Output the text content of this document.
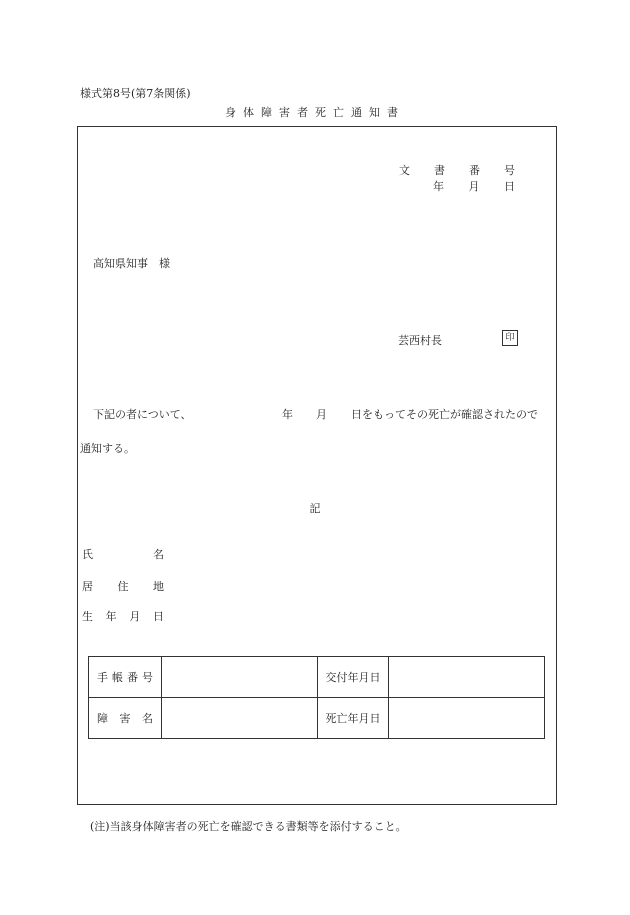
様式第8号(第7条関係)
身体障害者死亡通知書
文 書 番 号
年 月 日
高知県知事　様
芸西村長	印
下記の者について、	年 月 日をもってその死亡が確認されたので
通知する。
記
氏	名
居 住 地
生 年 月 日
手 帳 番 号		交付年月日	

障 害 名		死亡年月日	
(注)当該身体障害者の死亡を確認できる書類等を添付すること。
